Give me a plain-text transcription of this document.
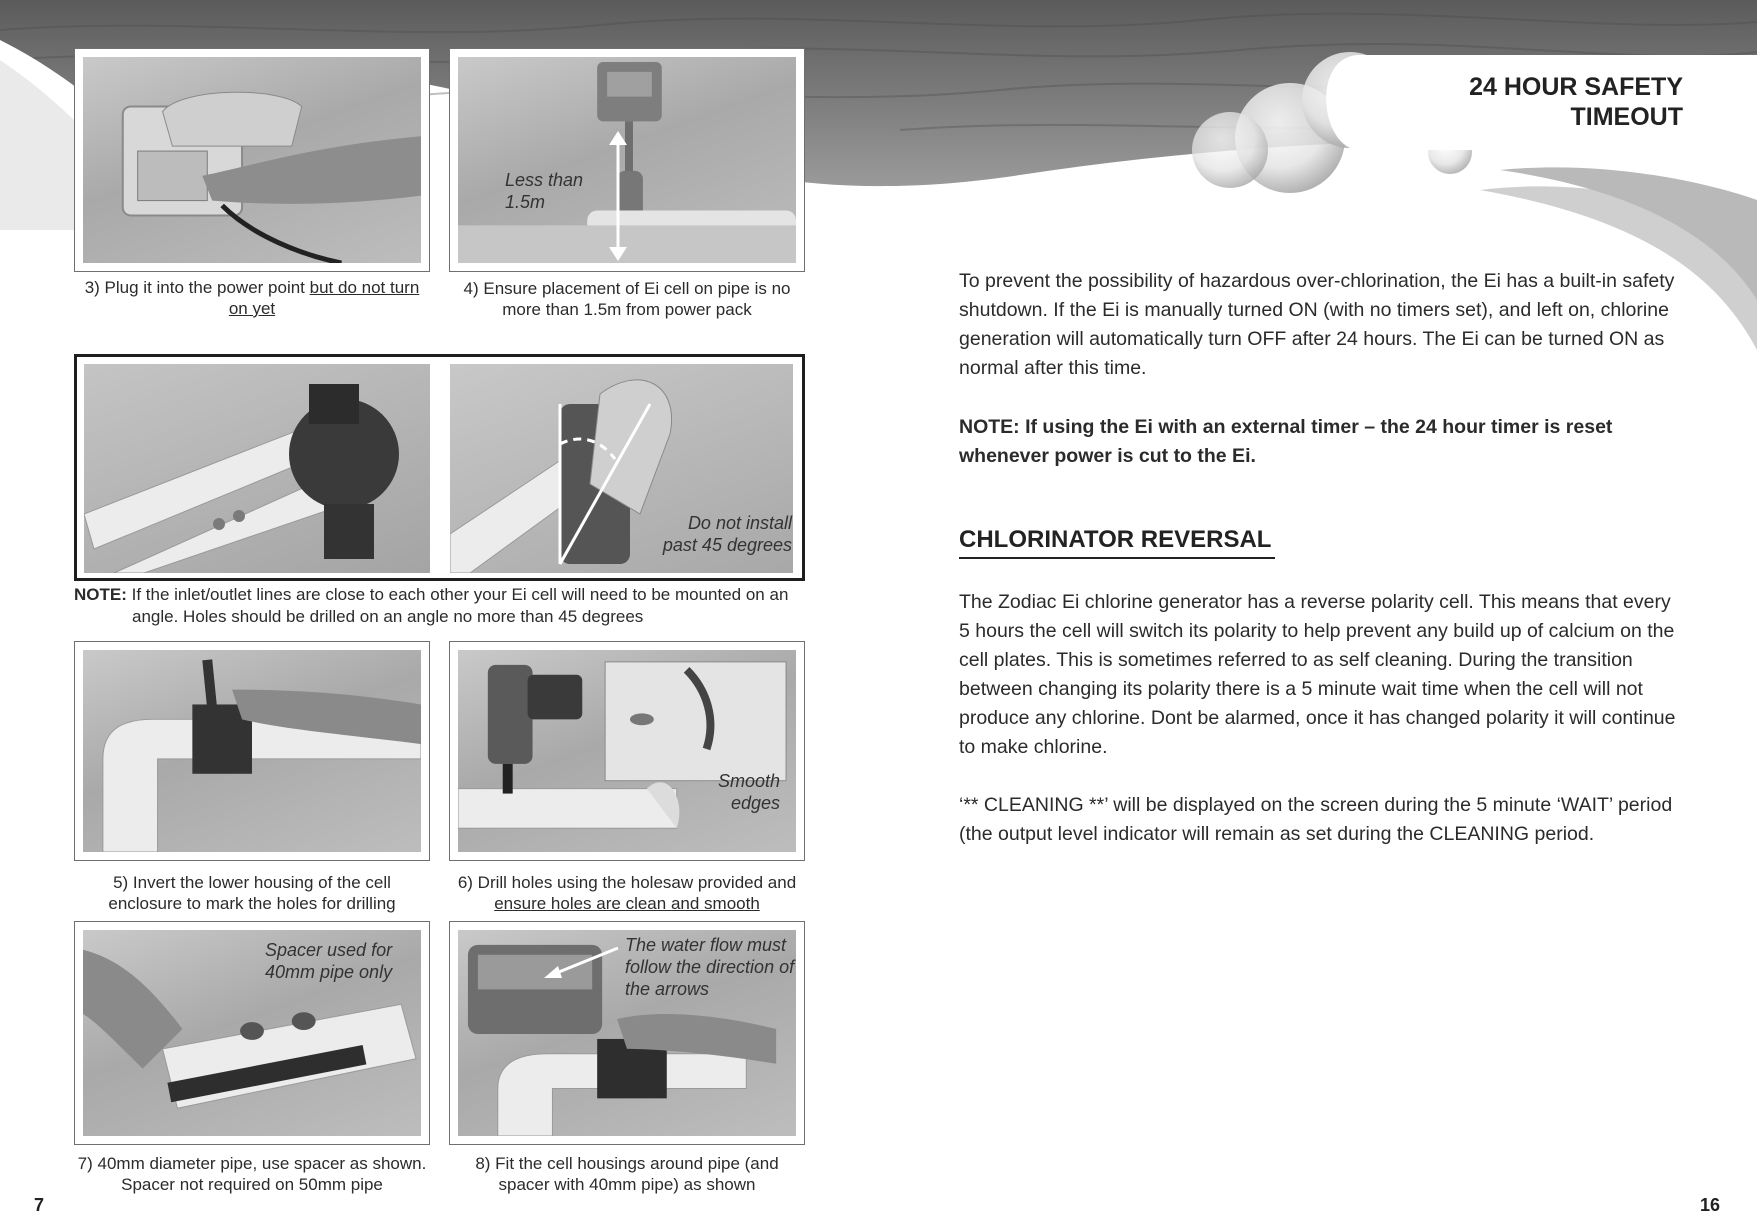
24 HOUR SAFETY
TIMEOUT
3) Plug it into the power point but do not turn on yet
Less than 1.5m
4) Ensure placement of Ei cell on pipe is no more than 1.5m from power pack
Do not install past 45 degrees
NOTE: If the inlet/outlet lines are close to each other your Ei cell will need to be mounted on an angle. Holes should be drilled on an angle no more than 45 degrees
5) Invert the lower housing of the cell enclosure to mark the holes for drilling
Smooth edges
6) Drill holes using the holesaw provided and ensure holes are clean and smooth
Spacer used for 40mm pipe only
7) 40mm diameter pipe, use spacer as shown. Spacer not required on 50mm pipe
The water flow must follow the direction of the arrows
8) Fit the cell housings around pipe (and spacer with 40mm pipe) as shown
7
To prevent the possibility of hazardous over-chlorination, the Ei has a built-in safety shutdown. If the Ei is manually turned ON (with no timers set), and left on, chlorine generation will automatically turn OFF after 24 hours. The Ei can be turned ON as normal after this time.
NOTE: If using the Ei with an external timer – the 24 hour timer is reset whenever power is cut to the Ei.
CHLORINATOR REVERSAL
The Zodiac Ei chlorine generator has a reverse polarity cell. This means that every 5 hours the cell will switch its polarity to help prevent any build up of calcium on the cell plates. This is sometimes referred to as self cleaning. During the transition between changing its polarity there is a 5 minute wait time when the cell will not produce any chlorine. Dont be alarmed, once it has changed polarity it will continue to make chlorine.
‘** CLEANING **’ will be displayed on the screen during the 5 minute ‘WAIT’ period (the output level indicator will remain as set during the CLEANING period.
16
